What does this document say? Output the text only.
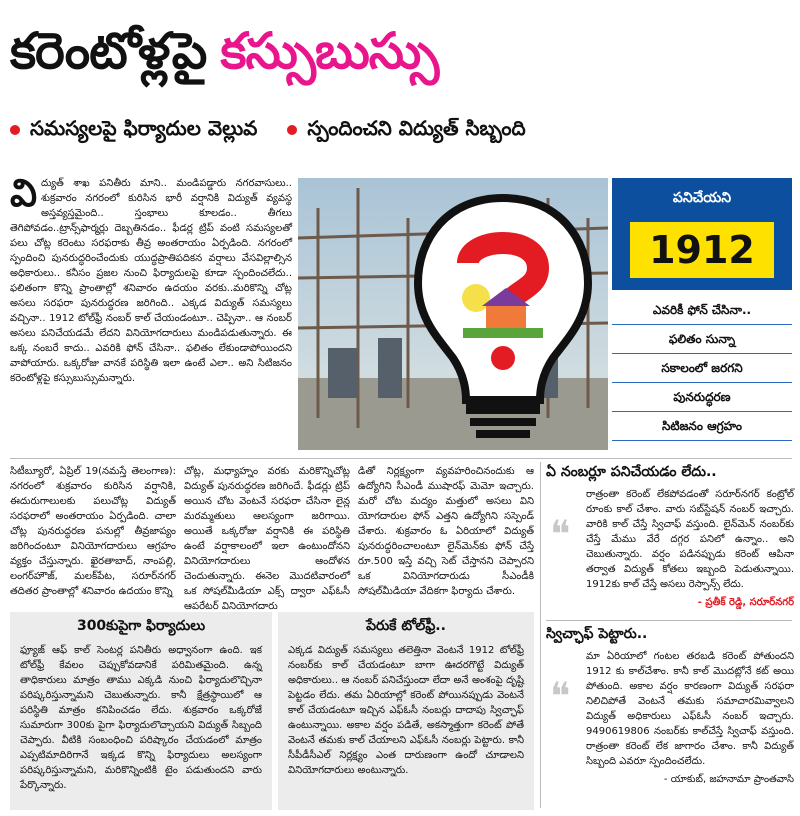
కరెంటోళ్లపై కస్సుబుస్సు
సమస్యలపై ఫిర్యాదుల వెల్లువ	స్పందించని విద్యుత్ సిబ్బంది
వి ద్యుత్ శాఖ పనితీరు మాని.. మండిపడ్డారు నగరవాసులు.. శుక్రవారం నగరంలో కురిసిన భారీ వర్షానికి విద్యుత్ వ్యవస్థ అస్తవ్యస్తమైంది.. స్తంభాలు కూలడం.. తీగలు తెగిపోవడం..ట్రాన్స్‌ఫార్మర్లు దెబ్బతినడం.. ఫీడర్ల ట్రిప్ వంటి సమస్యలతో పలు చోట్ల కరెంటు సరఫరాకు తీవ్ర అంతరాయం ఏర్పడింది. నగరంలో స్పందించి పునరుద్ధరించేందుకు యుద్ధప్రాతిపదికన వర్షాలు వేసవిల్లాల్సిన అధికారులు.. కనీసం ప్రజల నుంచి ఫిర్యాదులపై కూడా స్పందించలేదు.. ఫలితంగా కొన్ని ప్రాంతాల్లో శనివారం ఉదయం వరకు..మరికొన్ని చోట్ల అసలు సరఫరా పునరుద్ధరణ జరిగింది.. ఎక్కడ విద్యుత్ సమస్యలు వచ్చినా.. 1912 టోల్‌ఫ్రీ నంబర్‌ కాల్ చేయండంటూ.. చెప్పినా.. ఆ నంబర్ అసలు పనిచేయడమే లేదని వినియోగదారులు మండిపడుతున్నారు. ఈ ఒక్క నంబరే కాదు.. ఎవరికి ఫోన్ చేసినా.. ఫలితం లేకుండాపోయిందని వాపోయారు. ఒక్కరోజు వానకే పరిస్థితి ఇలా ఉంటే ఎలా.. అని సిటిజనం కరెంటోళ్లపై కస్సుబుస్సుమన్నారు.
పనిచేయని
1912
ఎవరికీ ఫోన్ చేసినా..
ఫలితం సున్నా
సకాలంలో జరగని
పునరుద్ధరణ
సిటిజనం ఆగ్రహం

సిటీబ్యూరో, ఏప్రిల్ 19(నమస్తే తెలంగాణ): నగరంలో శుక్రవారం కురిసిన వర్షానికి, ఈదురుగాలులకు పలుచోట్ల విద్యుత్ సరఫరాలో అంతరాయం ఏర్పడింది. చాలా చోట్ల పునరుద్ధరణ పనుల్లో తీవ్రజాప్యం జరిగిందంటూ వినియోగదారులు ఆగ్రహం వ్యక్తం చేస్తున్నారు. ఖైరతాబాద్, నాంపల్లి, లంగర్‌హౌజ్, మలక్‌పేట, సరూర్‌నగర్ తదితర ప్రాంతాల్లో శనివారం ఉదయం కొన్ని

చోట్ల, మధ్యాహ్నం వరకు మరికొన్నిచోట్ల విద్యుత్ పునరుద్ధరణ జరిగిందే. ఫీడర్లు ట్రిప్ అయిన చోట వెంటనే సరఫరా చేసినా లైన్ల మరమ్మతులు ఆలస్యంగా జరిగాయి. అయితే ఒక్కరోజు వర్షానికి ఈ పరిస్థితి ఉంటే వర్షాకాలంలో ఇలా ఉంటుందోనని వినియోగదారులు ఆందోళన చెందుతున్నారు. ఈనెల మొదటివారంలో ఒక సోషల్‌మీడియా ఎక్స్ ద్వారా ఎఫ్‌ఓసీ ఆపరేటర్ వినియోగదారు

డితో నిర్లక్ష్యంగా వ్యవహరించినందుకు ఆ ఉద్యోగిని సీఎండీ ముషారఫ్ మెమో ఇచ్చారు. మరో చోట మద్యం మత్తులో అసలు విని యోగదారుల ఫోన్ ఎత్తని ఉద్యోగిని సస్పెండ్ చేశారు. శుక్రవారం ఓ ఏరియాలో విద్యుత్ పునరుద్ధరించాలంటూ లైన్‌మెన్‌కు ఫోన్ చేస్తే రూ.500 ఇస్తే వచ్చి సెట్ చేస్తానని చెప్పారని ఒక వినియోగదారుడు సీఎండీకి సోషల్‌మీడియా వేదికగా ఫిర్యాదు చేశారు.

ఏ నంబర్లూ పనిచేయడం లేదు..
❝
రాత్రంతా కరెంట్ లేకపోవడంతో సరూర్‌నగర్ కంట్రోల్ రూంకు కాల్ చేశాం. వారు సబ్‌స్టేషన్ నంబర్ ఇచ్చారు. వారికి కాల్ చేస్తే స్విచాఫ్ వస్తుంది. లైన్‌మెన్ నంబర్‌కు చేస్తే మేము వేరే దగ్గర పనిలో ఉన్నాం.. అని చెబుతున్నారు. వర్షం పడినప్పుడు కరెంట్ ఆపినా తర్వాత విద్యుత్ కోతలు ఇబ్బంది పెడుతున్నాయి. 1912కు కాల్ చేస్తే అసలు రెస్పాన్స్ లేదు.
- ప్రతీక్ రెడ్డి, సరూర్‌నగర్
స్విచ్ఛాఫ్ పెట్టారు..
❝
మా ఏరియాలో గంటల తరబడి కరెంట్ పోతుందని 1912 కు కాల్‌చేశాం. కానీ కాల్ మొదట్లోనే కట్ అయి పోతుంది. అకాల వర్షం కారణంగా విద్యుత్ సరఫరా నిలిచిపోతే వెంటనే తమకు సమాచారమివ్వాలని విద్యుత్ అధికారులు ఎఫ్‌ఓసీ నంబర్ ఇచ్చారు. 9490619806 నంబర్‌కు కాల్‌చేస్తే స్విచాఫ్ వస్తుంది. రాత్రంతా కరెంట్ లేక జాగారం చేశాం. కానీ విద్యుత్ సిబ్బంది ఎవరూ స్పందించలేదు.
- యాకుబ్, జహనామా ప్రాంతవాసి
300కుపైగా ఫిర్యాదులు
ఫ్యూజ్ ఆఫ్ కాల్ సెంటర్ల పనితీరు అధ్వానంగా ఉంది. ఇక టోల్‌ఫ్రీ కేవలం చెప్పుకోవడానికే పరిమితమైంది. ఉన్న తాధికారులు మాత్రం తాము ఎక్కడి నుంచి ఫిర్యాదులొచ్చినా పరిష్కరిస్తున్నామని చెబుతున్నారు. కానీ క్షేత్రస్థాయిలో ఆ పరిస్థితి మాత్రం కనిపించడం లేదు. శుక్రవారం ఒక్కరోజే సుమారుగా 300కు పైగా ఫిర్యాదులొచ్చాయని విద్యుత్ సిబ్బంది చెప్పారు. వీటికి సంబంధించి పరిష్కారం చేయడంలో మాత్రం ఎప్పటిమాదిరిగానే ఇక్కడ కొన్ని ఫిర్యాదులు అలస్యంగా పరిష్కరిస్తున్నామని, మరికొన్నింటికి టైం పడుతుందని వారు పేర్కొన్నారు.
పేరుకే టోల్‌ఫ్రీ..
ఎక్కడ విద్యుత్ సమస్యలు తలెత్తినా వెంటనే 1912 టోల్‌ఫ్రీ నంబర్‌కు కాల్ చేయడంటూ బాగా ఊదరగొట్టే విద్యుత్ అధికారులు.. ఆ నంబర్ పనిచేస్తుందా లేదా అనే అంశంపై దృష్టి పెట్టడం లేదు. తమ ఏరియాల్లో కరెంట్ పోయినప్పుడు వెంటనే కాల్ చేయడంటూ ఇచ్చిన ఎఫ్‌ఓసీ నంబర్లు దాదాపు స్విచ్ఛాఫ్ ఉంటున్నాయి. అకాల వర్షం పడితే, అకస్మాత్తుగా కరెంట్ పోతే వెంటనే తమకు కాల్ చేయాలని ఎఫ్‌ఓసీ నంబర్లు పెట్టారు. కానీ సీపీడీసీఎల్ నిర్లక్ష్యం ఎంత దారుణంగా ఉందో చూడాలని వినియోగదారులు అంటున్నారు.
